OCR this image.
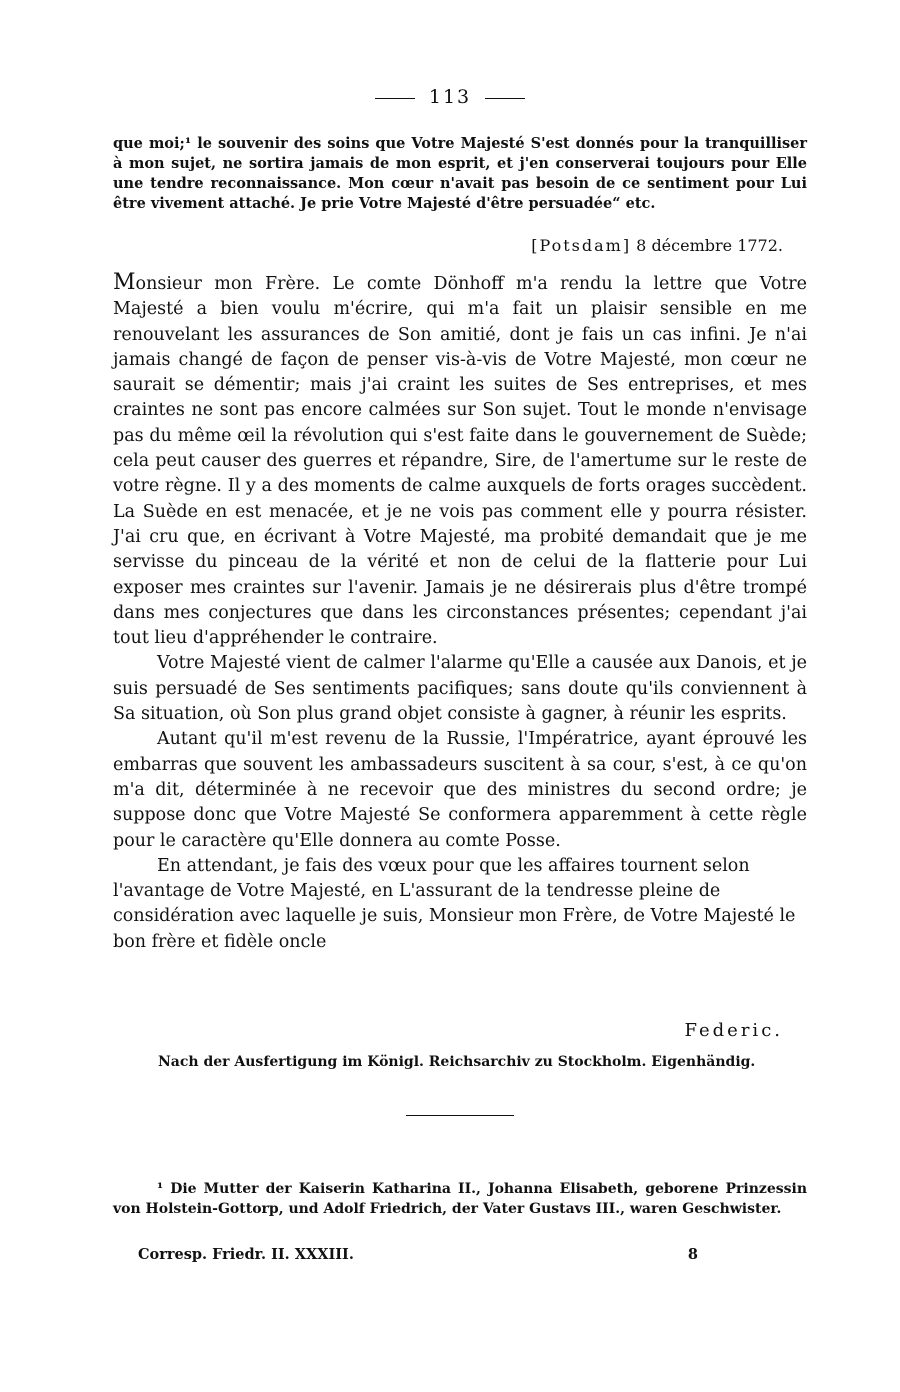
113
que moi;¹ le souvenir des soins que Votre Majesté S'est donnés pour la tranquilliser à mon sujet, ne sortira jamais de mon esprit, et j'en conserverai toujours pour Elle une tendre reconnaissance. Mon cœur n'avait pas besoin de ce sentiment pour Lui être vivement attaché. Je prie Votre Majesté d'être persuadée“ etc.
[Potsdam] 8 décembre 1772.

Monsieur mon Frère. Le comte Dönhoff m'a rendu la lettre que Votre Majesté a bien voulu m'écrire, qui m'a fait un plaisir sensible en me renouvelant les assurances de Son amitié, dont je fais un cas infini. Je n'ai jamais changé de façon de penser vis-à-vis de Votre Majesté, mon cœur ne saurait se démentir; mais j'ai craint les suites de Ses entreprises, et mes craintes ne sont pas encore calmées sur Son sujet. Tout le monde n'envisage pas du même œil la révolution qui s'est faite dans le gouvernement de Suède; cela peut causer des guerres et répandre, Sire, de l'amertume sur le reste de votre règne. Il y a des moments de calme auxquels de forts orages succèdent. La Suède en est menacée, et je ne vois pas comment elle y pourra résister. J'ai cru que, en écrivant à Votre Majesté, ma probité demandait que je me servisse du pinceau de la vérité et non de celui de la flatterie pour Lui exposer mes craintes sur l'avenir. Jamais je ne désirerais plus d'être trompé dans mes conjectures que dans les circonstances présentes; cependant j'ai tout lieu d'appréhender le contraire.

Votre Majesté vient de calmer l'alarme qu'Elle a causée aux Danois, et je suis persuadé de Ses sentiments pacifiques; sans doute qu'ils conviennent à Sa situation, où Son plus grand objet consiste à gagner, à réunir les esprits.

Autant qu'il m'est revenu de la Russie, l'Impératrice, ayant éprouvé les embarras que souvent les ambassadeurs suscitent à sa cour, s'est, à ce qu'on m'a dit, déterminée à ne recevoir que des ministres du second ordre; je suppose donc que Votre Majesté Se conformera apparemment à cette règle pour le caractère qu'Elle donnera au comte Posse.

En attendant, je fais des vœux pour que les affaires tournent selon l'avantage de Votre Majesté, en L'assurant de la tendresse pleine de considération avec laquelle je suis, Monsieur mon Frère, de Votre Majesté le bon frère et fidèle oncle

Federic.
Nach der Ausfertigung im Königl. Reichsarchiv zu Stockholm. Eigenhändig.
¹ Die Mutter der Kaiserin Katharina II., Johanna Elisabeth, geborene Prinzessin von Holstein-Gottorp, und Adolf Friedrich, der Vater Gustavs III., waren Geschwister.
Corresp. Friedr. II. XXXIII.	8
